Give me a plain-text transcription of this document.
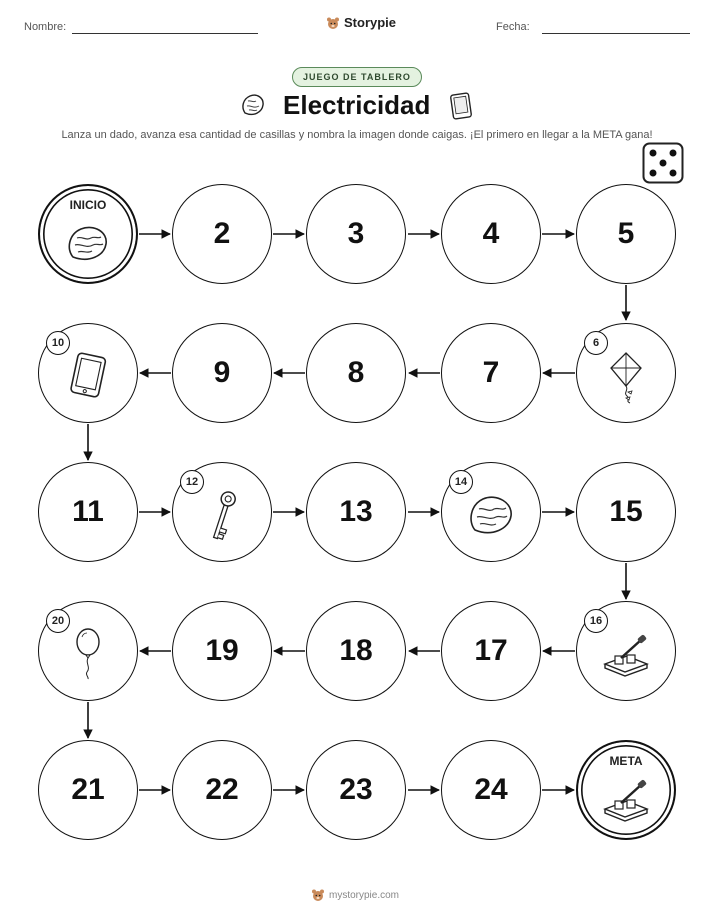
Nombre:	Storypie	Fecha:
JUEGO DE TABLERO
Electricidad
Lanza un dado, avanza esa cantidad de casillas y nombra la imagen donde caigas. ¡El primero en llegar a la META gana!
INICIO
2	3	4	5
6
7
8
9
10
11
12
13
14
15
16
17
18
19
20
21	22	23	24
META
mystorypie.com
